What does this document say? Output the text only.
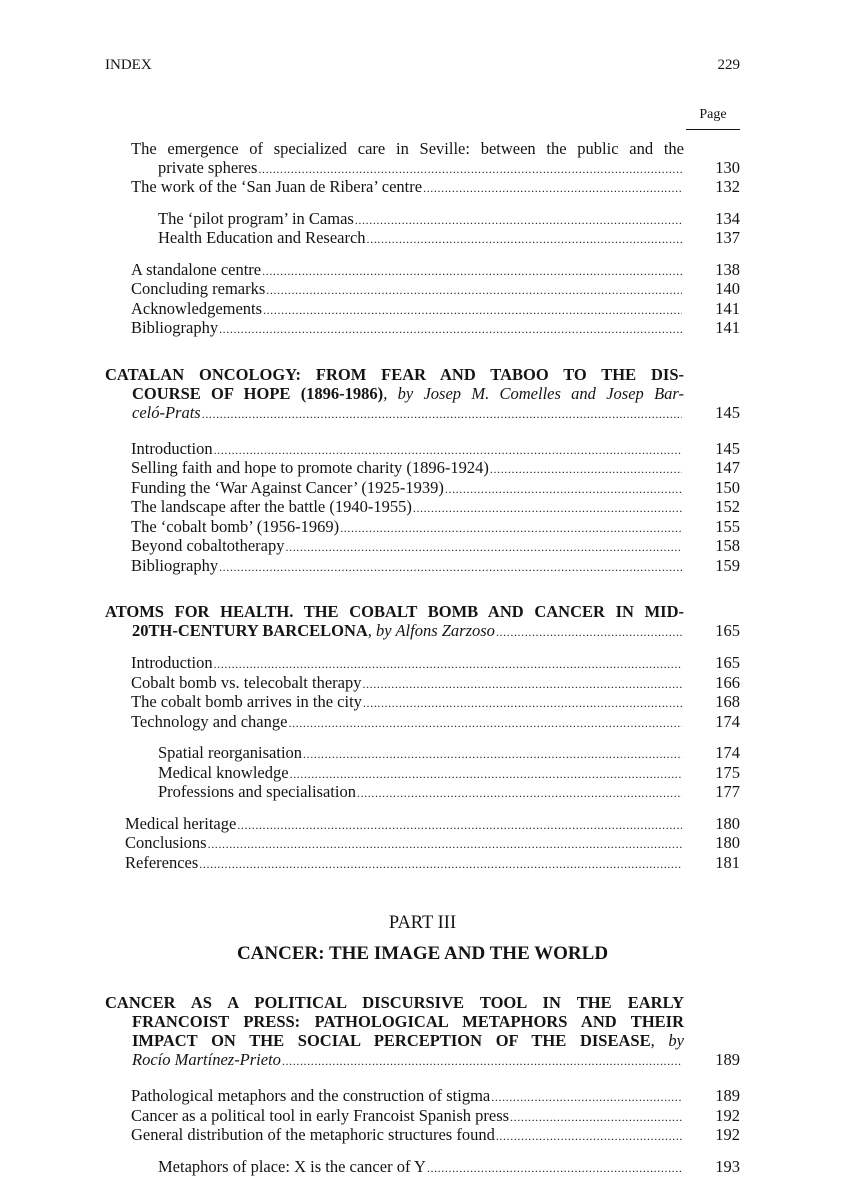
INDEX	229
Page
The emergence of specialized care in Seville: between the public and the
private spheres . . .	130
The work of the ‘San Juan de Ribera’ centre . . .	132
The ‘pilot program’ in Camas . . .	134
Health Education and Research . . .	137
A standalone centre . . .	138
Concluding remarks . . .	140
Acknowledgements . . .	141
Bibliography . . .	141
CATALAN ONCOLOGY: FROM FEAR AND TABOO TO THE DIS-
COURSE OF HOPE (1896-1986), by Josep M. Comelles and Josep Bar-
celó-Prats . . .	145
Introduction . . .	145
Selling faith and hope to promote charity (1896-1924) . . .	147
Funding the ‘War Against Cancer’ (1925-1939) . . .	150
The landscape after the battle (1940-1955) . . .	152
The ‘cobalt bomb’ (1956-1969) . . .	155
Beyond cobaltotherapy . . .	158
Bibliography . . .	159
ATOMS FOR HEALTH. THE COBALT BOMB AND CANCER IN MID-
20TH-CENTURY BARCELONA , by Alfons Zarzoso . . .	165
Introduction . . .	165
Cobalt bomb vs. telecobalt therapy . . .	166
The cobalt bomb arrives in the city . . .	168
Technology and change . . .	174
Spatial reorganisation . . .	174
Medical knowledge . . .	175
Professions and specialisation . . .	177
Medical heritage . . .	180
Conclusions . . .	180
References . . .	181
PART III
CANCER: THE IMAGE AND THE WORLD
CANCER AS A POLITICAL DISCURSIVE TOOL IN THE EARLY
FRANCOIST PRESS: PATHOLOGICAL METAPHORS AND THEIR
IMPACT ON THE SOCIAL PERCEPTION OF THE DISEASE, by
Rocío Martínez-Prieto . . .	189
Pathological metaphors and the construction of stigma . . .	189
Cancer as a political tool in early Francoist Spanish press . . .	192
General distribution of the metaphoric structures found . . .	192
Metaphors of place: X is the cancer of Y . . .	193
